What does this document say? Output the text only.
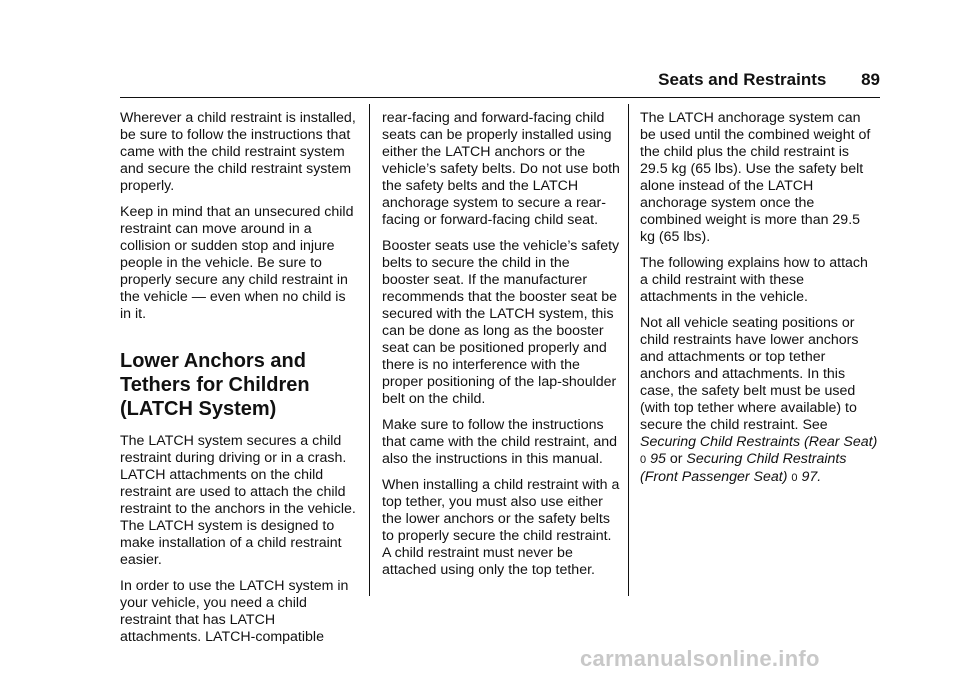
Seats and Restraints 89

Wherever a child restraint is installed, be sure to follow the instructions that came with the child restraint system and secure the child restraint system properly.

Keep in mind that an unsecured child restraint can move around in a collision or sudden stop and injure people in the vehicle. Be sure to properly secure any child restraint in the vehicle — even when no child is in it.

Lower Anchors and Tethers for Children (LATCH System)

The LATCH system secures a child restraint during driving or in a crash. LATCH attachments on the child restraint are used to attach the child restraint to the anchors in the vehicle. The LATCH system is designed to make installation of a child restraint easier.

In order to use the LATCH system in your vehicle, you need a child restraint that has LATCH attachments. LATCH-compatible

rear-facing and forward-facing child seats can be properly installed using either the LATCH anchors or the vehicle’s safety belts. Do not use both the safety belts and the LATCH anchorage system to secure a rear-facing or forward-facing child seat.

Booster seats use the vehicle’s safety belts to secure the child in the booster seat. If the manufacturer recommends that the booster seat be secured with the LATCH system, this can be done as long as the booster seat can be positioned properly and there is no interference with the proper positioning of the lap-shoulder belt on the child.

Make sure to follow the instructions that came with the child restraint, and also the instructions in this manual.

When installing a child restraint with a top tether, you must also use either the lower anchors or the safety belts to properly secure the child restraint. A child restraint must never be attached using only the top tether.

The LATCH anchorage system can be used until the combined weight of the child plus the child restraint is 29.5 kg (65 lbs). Use the safety belt alone instead of the LATCH anchorage system once the combined weight is more than 29.5 kg (65 lbs).

The following explains how to attach a child restraint with these attachments in the vehicle.

Not all vehicle seating positions or child restraints have lower anchors and attachments or top tether anchors and attachments. In this case, the safety belt must be used (with top tether where available) to secure the child restraint. See Securing Child Restraints (Rear Seat) 0 95 or Securing Child Restraints (Front Passenger Seat) 0 97.

carmanualsonline.info
